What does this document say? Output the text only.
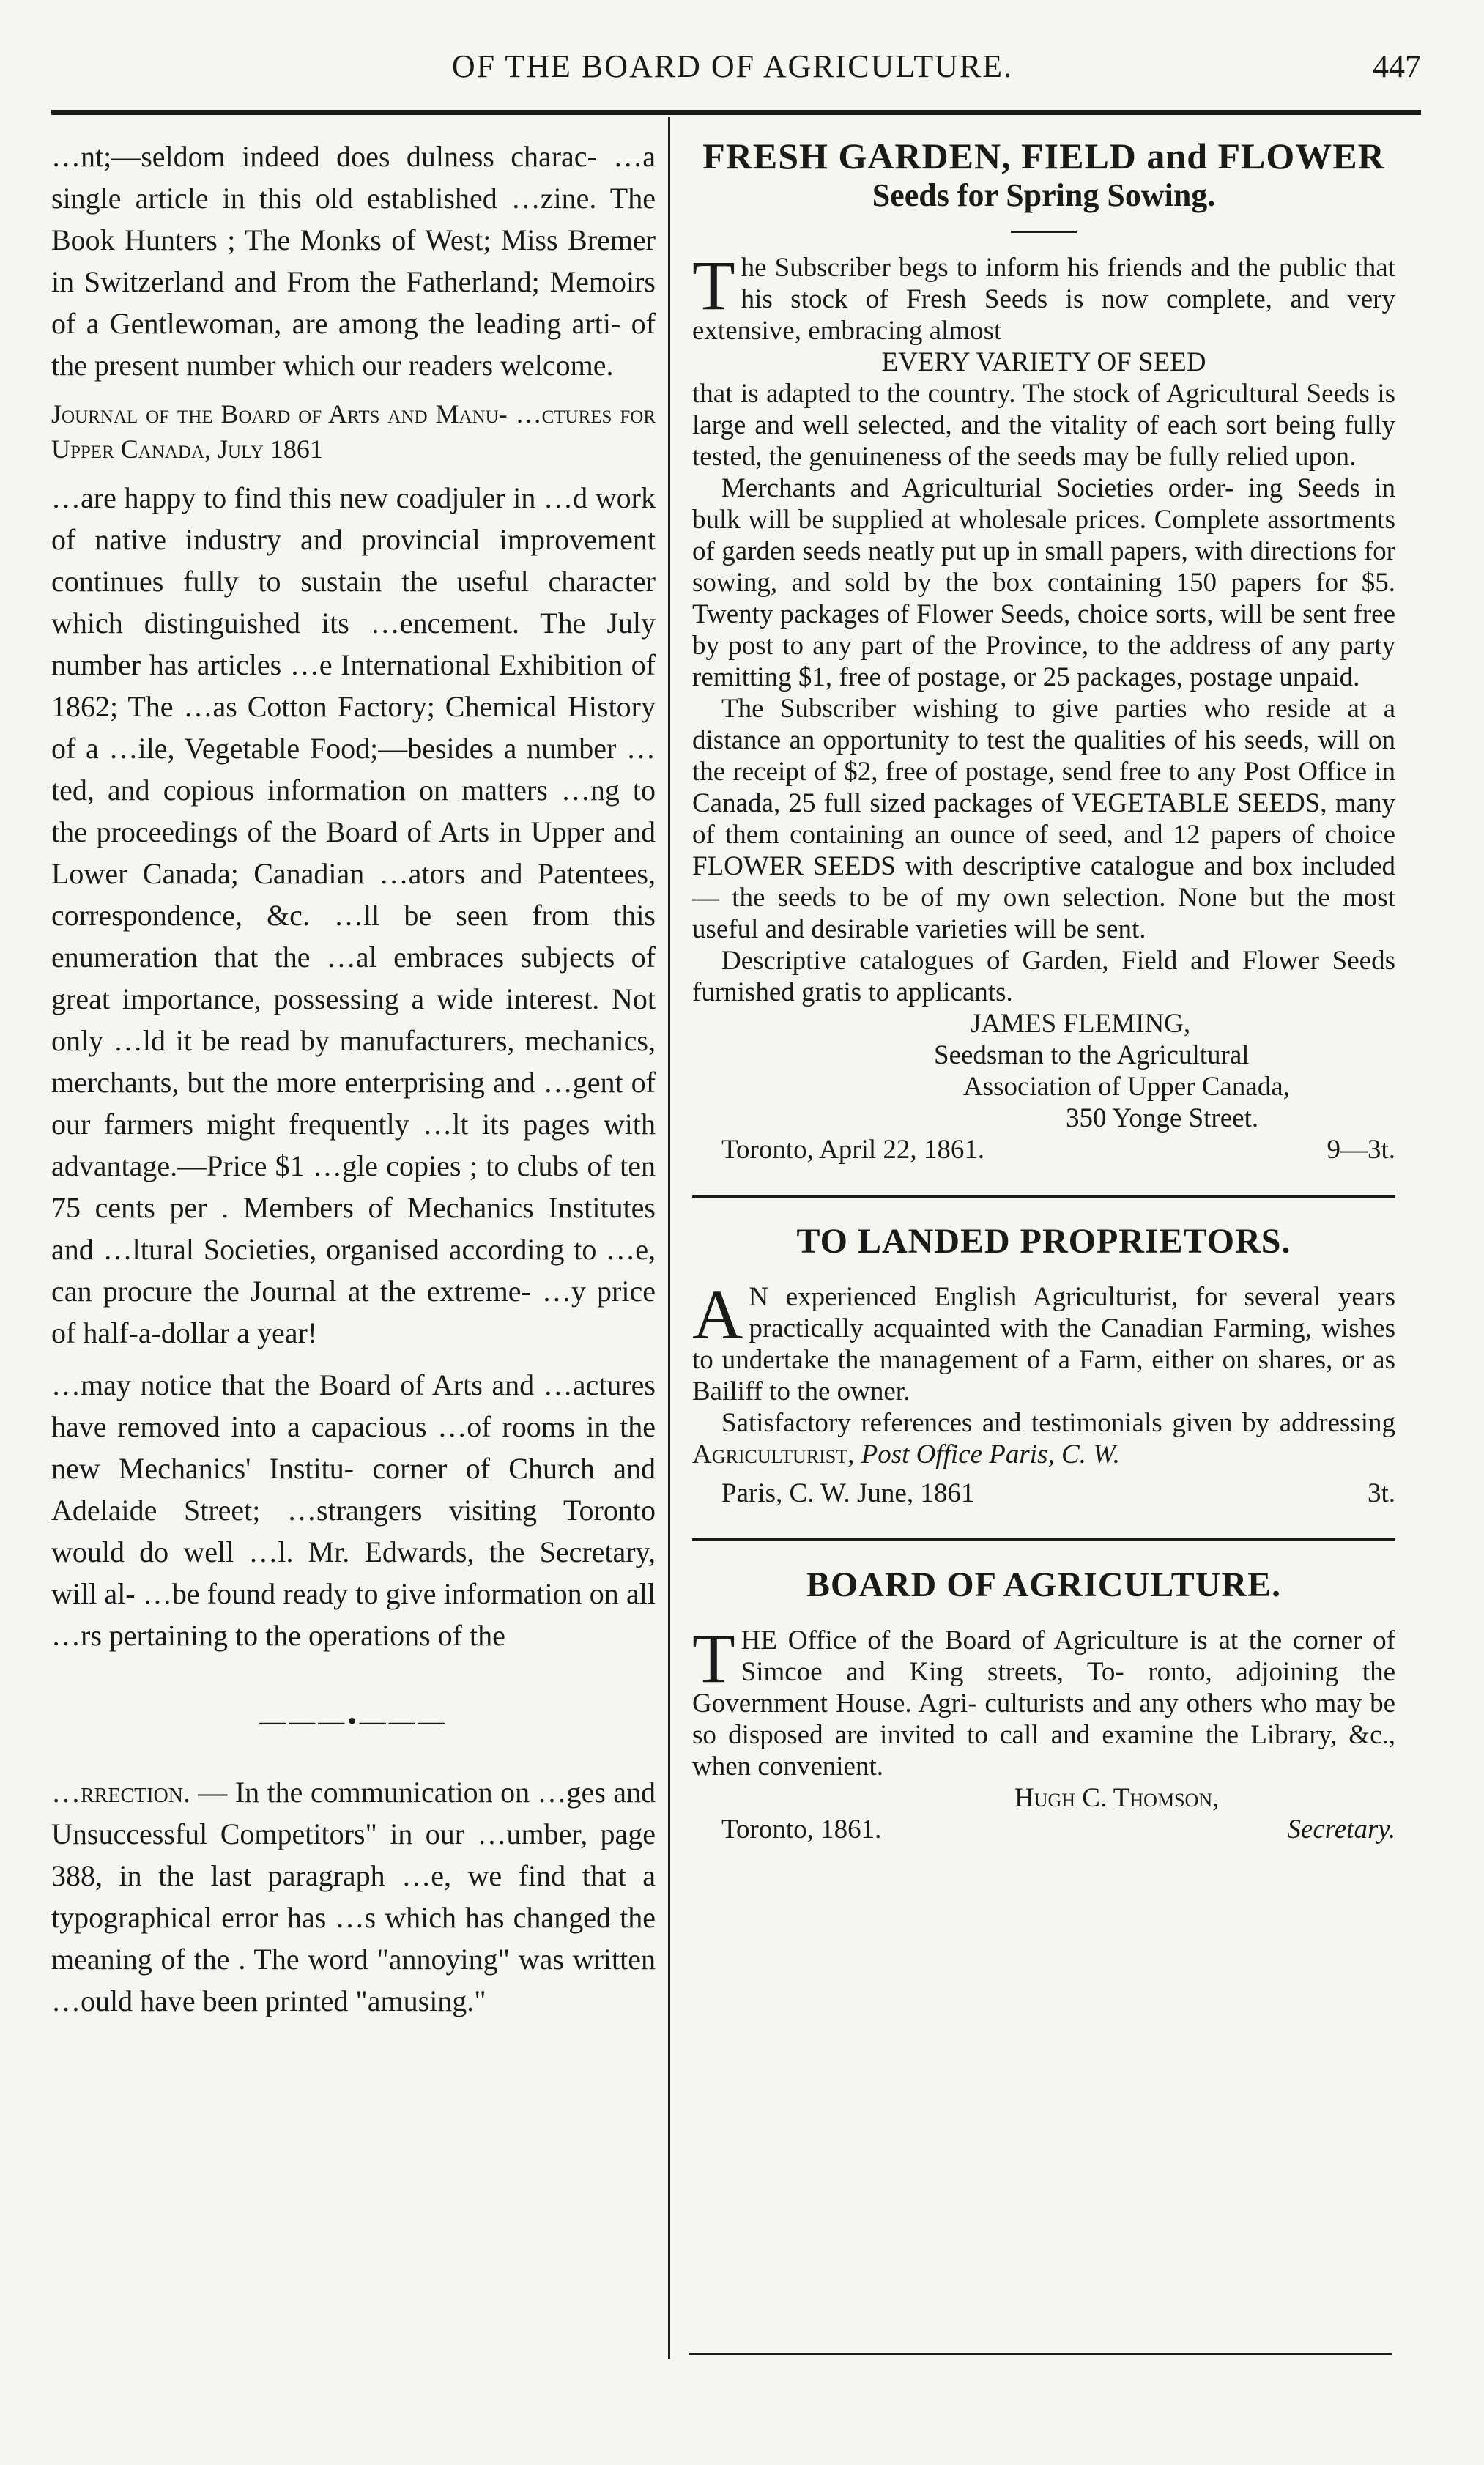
OF THE BOARD OF AGRICULTURE.	447

…nt;—seldom indeed does dulness charac- …a single article in this old established …zine. The Book Hunters ; The Monks of West; Miss Bremer in Switzerland and From the Fatherland; Memoirs of a Gentlewoman, are among the leading arti- of the present number which our readers welcome.

Journal of the Board of Arts and Manu- …ctures for Upper Canada, July 1861

…are happy to find this new coadjuler in …d work of native industry and provincial improvement continues fully to sustain the useful character which distinguished its …encement. The July number has articles …e International Exhibition of 1862; The …as Cotton Factory; Chemical History of a …ile, Vegetable Food;—besides a number …ted, and copious information on matters …ng to the proceedings of the Board of Arts in Upper and Lower Canada; Canadian …ators and Patentees, correspondence, &c. …ll be seen from this enumeration that the …al embraces subjects of great importance, possessing a wide interest. Not only …ld it be read by manufacturers, mechanics, merchants, but the more enterprising and …gent of our farmers might frequently …lt its pages with advantage.—Price $1 …gle copies ; to clubs of ten 75 cents per . Members of Mechanics Institutes and …ltural Societies, organised according to …e, can procure the Journal at the extreme- …y price of half-a-dollar a year!

…may notice that the Board of Arts and …actures have removed into a capacious …of rooms in the new Mechanics' Institu- corner of Church and Adelaide Street; …strangers visiting Toronto would do well …l. Mr. Edwards, the Secretary, will al- …be found ready to give information on all …rs pertaining to the operations of the

———•———

…rrection. — In the communication on …ges and Unsuccessful Competitors" in our …umber, page 388, in the last paragraph …e, we find that a typographical error has …s which has changed the meaning of the . The word "annoying" was written …ould have been printed "amusing."

FRESH GARDEN, FIELD and FLOWER
Seeds for Spring Sowing.

The Subscriber begs to inform his friends and the public that his stock of Fresh Seeds is now complete, and very extensive, embracing almost

EVERY VARIETY OF SEED

that is adapted to the country. The stock of Agricultural Seeds is large and well selected, and the vitality of each sort being fully tested, the genuineness of the seeds may be fully relied upon.

Merchants and Agriculturial Societies order- ing Seeds in bulk will be supplied at wholesale prices. Complete assortments of garden seeds neatly put up in small papers, with directions for sowing, and sold by the box containing 150 papers for $5. Twenty packages of Flower Seeds, choice sorts, will be sent free by post to any part of the Province, to the address of any party remitting $1, free of postage, or 25 packages, postage unpaid.

The Subscriber wishing to give parties who reside at a distance an opportunity to test the qualities of his seeds, will on the receipt of $2, free of postage, send free to any Post Office in Canada, 25 full sized packages of VEGETABLE SEEDS, many of them containing an ounce of seed, and 12 papers of choice FLOWER SEEDS with descriptive catalogue and box included— the seeds to be of my own selection. None but the most useful and desirable varieties will be sent.

Descriptive catalogues of Garden, Field and Flower Seeds furnished gratis to applicants.

JAMES FLEMING,

Seedsman to the Agricultural

Association of Upper Canada,

350 Yonge Street.

Toronto, April 22, 1861.	9—3t.
TO LANDED PROPRIETORS.

A N experienced English Agriculturist, for several years practically acquainted with the Canadian Farming, wishes to undertake the management of a Farm, either on shares, or as Bailiff to the owner.

Satisfactory references and testimonials given by addressing Agriculturist, Post Office Paris, C. W.

Paris, C. W. June, 1861	3t.
BOARD OF AGRICULTURE.

THE Office of the Board of Agriculture is at the corner of Simcoe and King streets, To- ronto, adjoining the Government House. Agri- culturists and any others who may be so disposed are invited to call and examine the Library, &c., when convenient.

Hugh C. Thomson,

Toronto, 1861.	Secretary.
